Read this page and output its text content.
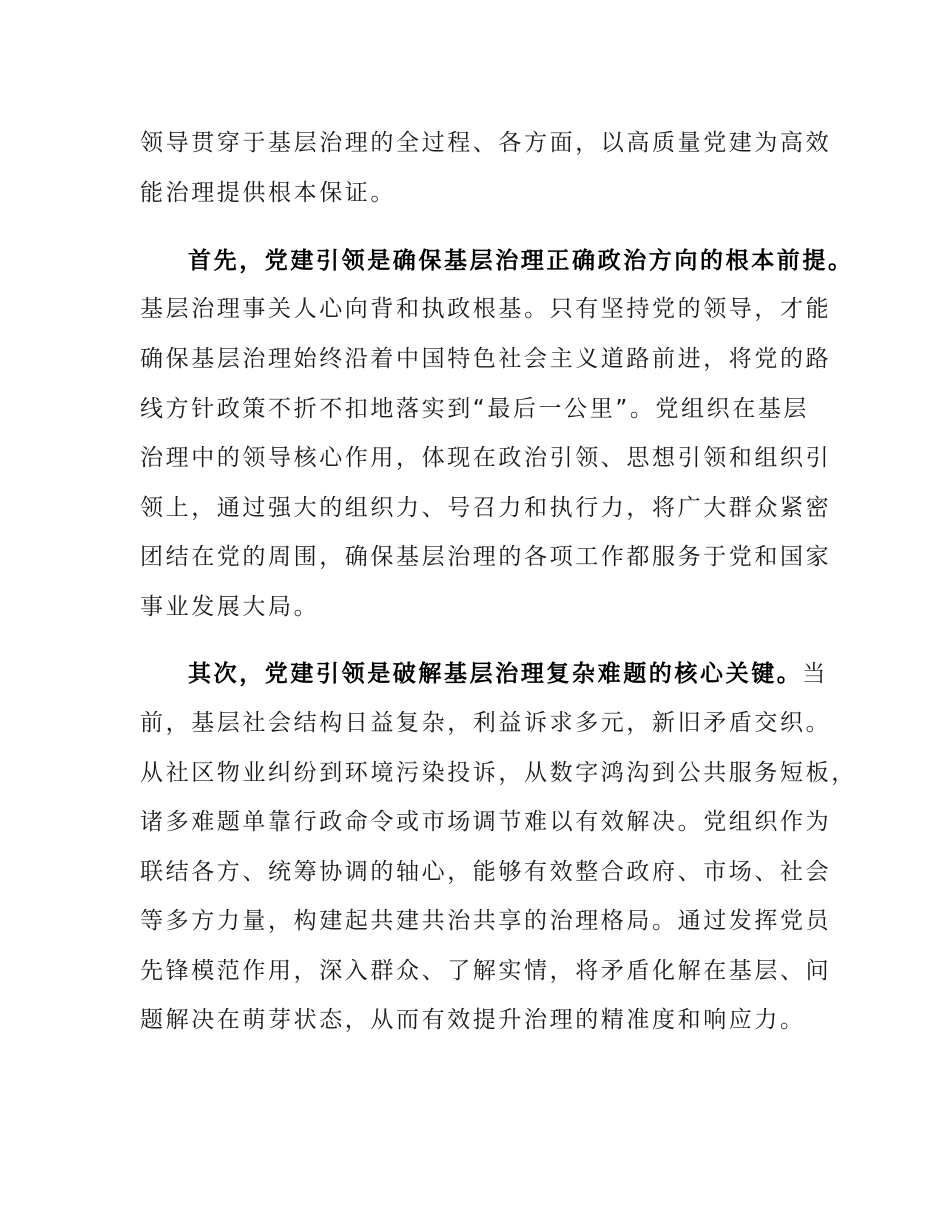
领导贯穿于基层治理的全过程、各方面，以高质量党建为高效
能治理提供根本保证。
首先，党建引领是确保基层治理正确政治方向的根本前提。
基层治理事关人心向背和执政根基。只有坚持党的领导，才能
确保基层治理始终沿着中国特色社会主义道路前进，将党的路
线方针政策不折不扣地落实到“最后一公里”。党组织在基层
治理中的领导核心作用，体现在政治引领、思想引领和组织引
领上，通过强大的组织力、号召力和执行力，将广大群众紧密
团结在党的周围，确保基层治理的各项工作都服务于党和国家
事业发展大局。
其次，党建引领是破解基层治理复杂难题的核心关键。当
前，基层社会结构日益复杂，利益诉求多元，新旧矛盾交织。
从社区物业纠纷到环境污染投诉，从数字鸿沟到公共服务短板，
诸多难题单靠行政命令或市场调节难以有效解决。党组织作为
联结各方、统筹协调的轴心，能够有效整合政府、市场、社会
等多方力量，构建起共建共治共享的治理格局。通过发挥党员
先锋模范作用，深入群众、了解实情，将矛盾化解在基层、问
题解决在萌芽状态，从而有效提升治理的精准度和响应力。
